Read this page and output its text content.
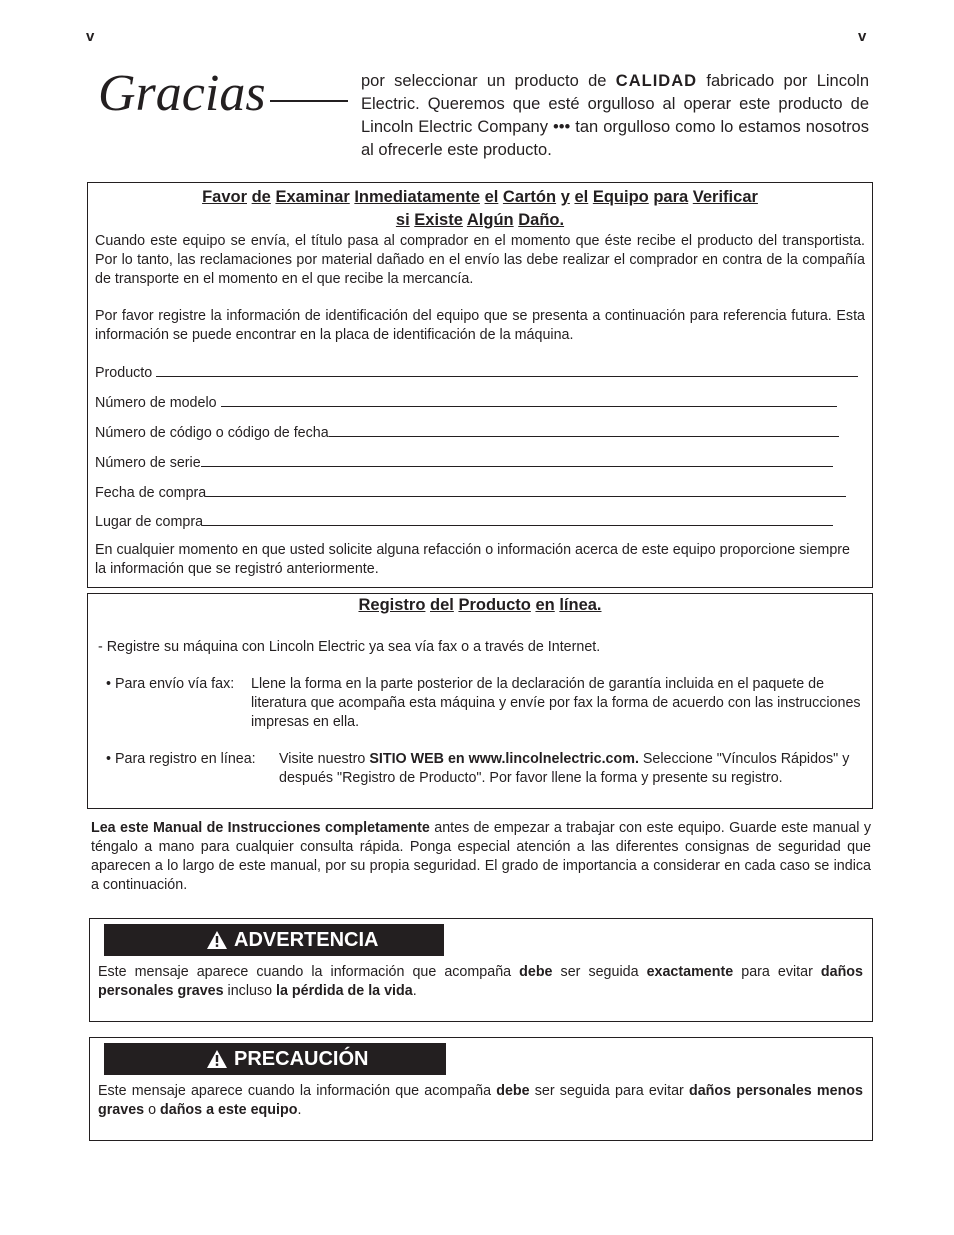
v	v
Gracias	por seleccionar un producto de CALIDAD fabricado por Lincoln Electric. Queremos que esté orgulloso al operar este producto de Lincoln Electric Company ••• tan orgulloso como lo estamos nosotros al ofrecerle este producto.
Favor de Examinar Inmediatamente el Cartón y el Equipo para Verificar
si Existe Algún Daño.
Cuando este equipo se envía, el título pasa al comprador en el momento que éste recibe el producto del transportista. Por lo tanto, las reclamaciones por material dañado en el envío las debe realizar el comprador en contra de la compañía de transporte en el momento en el que recibe la mercancía.
Por favor registre la información de identificación del equipo que se presenta a continuación para referencia futura. Esta información se puede encontrar en la placa de identificación de la máquina.
Producto
Número de modelo
Número de código o código de fecha
Número de serie
Fecha de compra
Lugar de compra
En cualquier momento en que usted solicite alguna refacción o información acerca de este equipo proporcione siempre la información que se registró anteriormente.
Registro del Producto en línea.
- Registre su máquina con Lincoln Electric ya sea vía fax o a través de Internet.
• Para envío vía fax: Llene la forma en la parte posterior de la declaración de garantía incluida en el paquete de literatura que acompaña esta máquina y envíe por fax la forma de acuerdo con las instrucciones impresas en ella.
• Para registro en línea: Visite nuestro SITIO WEB en www.lincolnelectric.com. Seleccione "Vínculos Rápidos" y después "Registro de Producto". Por favor llene la forma y presente su registro.
Lea este Manual de Instrucciones completamente antes de empezar a trabajar con este equipo. Guarde este manual y téngalo a mano para cualquier consulta rápida. Ponga especial atención a las diferentes consignas de seguridad que aparecen a lo largo de este manual, por su propia seguridad. El grado de importancia a considerar en cada caso se indica a continuación.
ADVERTENCIA
Este mensaje aparece cuando la información que acompaña debe ser seguida exactamente para evitar daños personales graves incluso la pérdida de la vida.
PRECAUCIÓN
Este mensaje aparece cuando la información que acompaña debe ser seguida para evitar daños personales menos graves o daños a este equipo.
